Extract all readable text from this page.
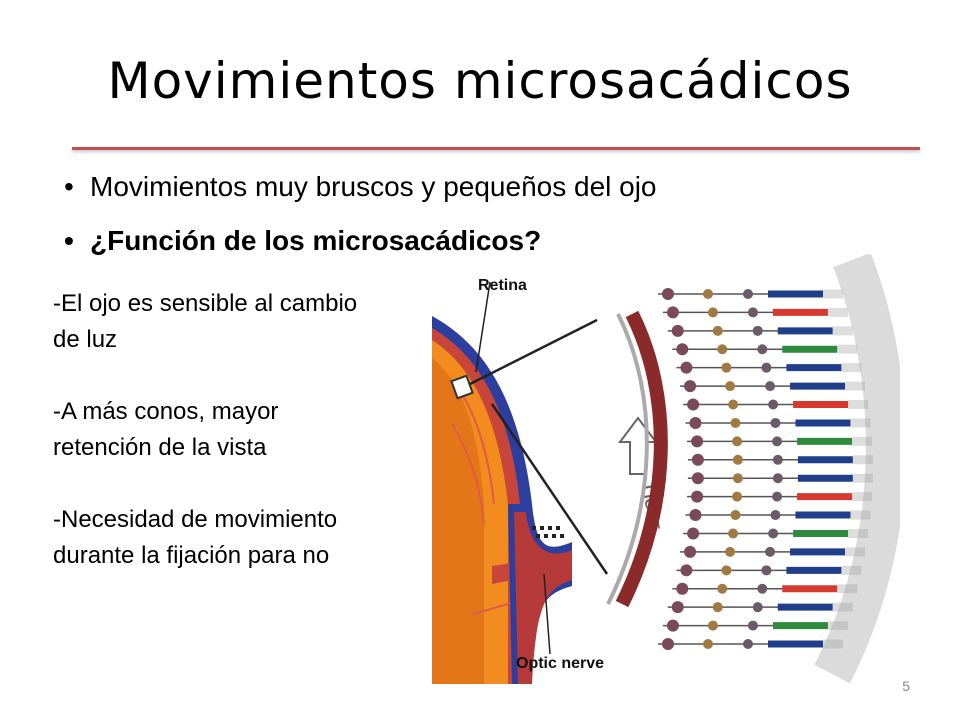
Movimientos microsacádicos
• Movimientos muy bruscos y pequeños del ojo
• ¿Función de los microsacádicos?

-El ojo es sensible al cambio de luz

-A más conos, mayor retención de la vista

-Necesidad de movimiento durante la fijación para no

Retina
Optic nerve
LIGHT
5
